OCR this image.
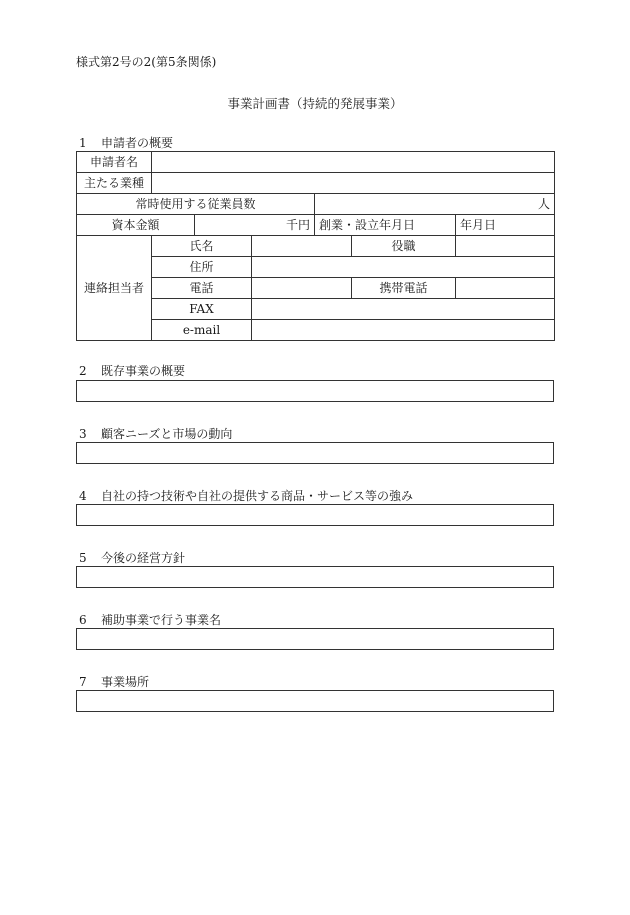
様式第2号の2(第5条関係)
事業計画書（持続的発展事業）
1 申請者の概要
申請者名						
主たる業種						
常時使用する従業員数				人		
資本金額		千円		創業・設立年月日		年月日
連絡担当者	氏名				役職	
	住所					
	電話				携帯電話	
	FAX					
	e-mail					
2 既存事業の概要
3 顧客ニーズと市場の動向
4 自社の持つ技術や自社の提供する商品・サービス等の強み
5 今後の経営方針
6 補助事業で行う事業名
7 事業場所
